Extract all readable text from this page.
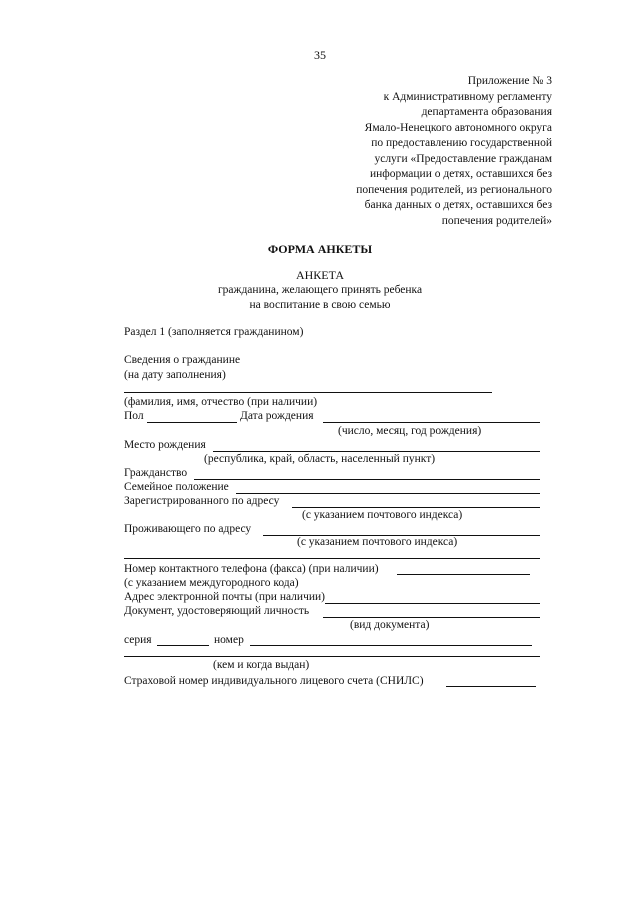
35
Приложение № 3
к Административному регламенту
департамента образования
Ямало-Ненецкого автономного округа
по предоставлению государственной
услуги «Предоставление гражданам
информации о детях, оставшихся без
попечения родителей, из регионального
банка данных о детях, оставшихся без
попечения родителей»
ФОРМА АНКЕТЫ
АНКЕТА
гражданина, желающего принять ребенка
на воспитание в свою семью
Раздел 1 (заполняется гражданином)
Сведения о гражданине
(на дату заполнения)
(фамилия, имя, отчество (при наличии)
Пол	Дата рождения
(число, месяц, год рождения)
Место рождения
(республика, край, область, населенный пункт)
Гражданство
Семейное положение
Зарегистрированного по адресу
(с указанием почтового индекса)
Проживающего по адресу
(с указанием почтового индекса)
Номер контактного телефона (факса) (при наличии)
(с указанием междугородного кода)
Адрес электронной почты (при наличии)
Документ, удостоверяющий личность
(вид документа)
серия	номер
(кем и когда выдан)
Страховой номер индивидуального лицевого счета (СНИЛС)
